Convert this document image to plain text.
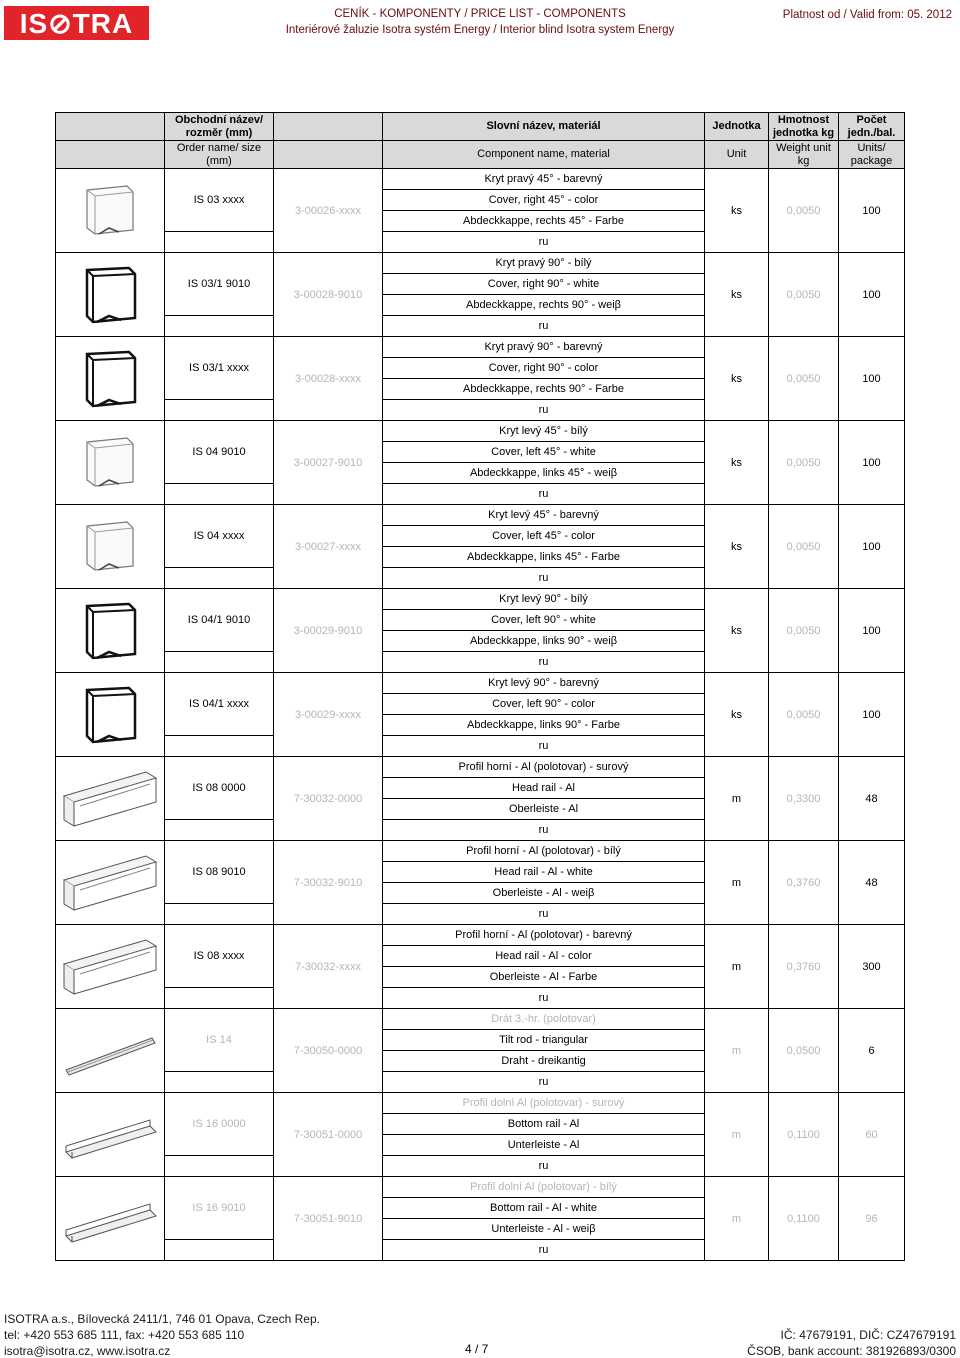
IS⊘TRA	CENÍK - KOMPONENTY / PRICE LIST - COMPONENTS
Interiérové žaluzie Isotra systém Energy / Interior blind Isotra system Energy
Platnost od / Valid from: 05. 2012
	Obchodní název/ rozměr (mm)		Slovní název, materiál	Jednotka	Hmotnost jednotka kg	Počet jedn./bal.
	Order name/ size (mm)		Component name, material	Unit	Weight unit kg	Units/ package

	IS 03 xxxx	3-00026-xxxx	Kryt pravý 45° - barevný	ks	0,0050	100
			Cover, right 45° - color			
			Abdeckkappe, rechts 45° - Farbe			
			ru			

	IS 03/1 9010	3-00028-9010	Kryt pravý 90° - bílý	ks	0,0050	100
			Cover, right 90° - white			
			Abdeckkappe, rechts 90° - weiβ			
			ru			

	IS 03/1 xxxx	3-00028-xxxx	Kryt pravý 90° - barevný	ks	0,0050	100
			Cover, right 90° - color			
			Abdeckkappe, rechts 90° - Farbe			
			ru			

	IS 04 9010	3-00027-9010	Kryt levý 45° - bílý	ks	0,0050	100
			Cover, left 45° - white			
			Abdeckkappe, links 45° - weiβ			
			ru			

	IS 04 xxxx	3-00027-xxxx	Kryt levý 45° - barevný	ks	0,0050	100
			Cover, left 45° - color			
			Abdeckkappe, links 45° - Farbe			
			ru			

	IS 04/1 9010	3-00029-9010	Kryt levý 90° - bílý	ks	0,0050	100
			Cover, left 90° - white			
			Abdeckkappe, links 90° - weiβ			
			ru			

	IS 04/1 xxxx	3-00029-xxxx	Kryt levý 90° - barevný	ks	0,0050	100
			Cover, left 90° - color			
			Abdeckkappe, links 90° - Farbe			
			ru			

	IS 08 0000	7-30032-0000	Profil horní - Al (polotovar) - surový	m	0,3300	48
			Head rail - Al			
			Oberleiste - Al			
			ru			

	IS 08 9010	7-30032-9010	Profil horní - Al (polotovar) - bílý	m	0,3760	48
			Head rail - Al - white			
			Oberleiste - Al - weiβ			
			ru			

	IS 08 xxxx	7-30032-xxxx	Profil horní - Al (polotovar) - barevný	m	0,3760	300
			Head rail - Al - color			
			Oberleiste - Al - Farbe			
			ru			

	IS 14	7-30050-0000	Drát 3.-hr. (polotovar)	m	0,0500	6
			Tilt rod - triangular			
			Draht - dreikantig			
			ru			

	IS 16 0000	7-30051-0000	Profil dolní Al (polotovar) - surový	m	0,1100	60
			Bottom rail - Al			
			Unterleiste - Al			
			ru			

	IS 16 9010	7-30051-9010	Profil dolní Al (polotovar) - bílý	m	0,1100	96
			Bottom rail - Al - white			
			Unterleiste - Al - weiβ			
			ru			
ISOTRA a.s., Bílovecká 2411/1, 746 01 Opava, Czech Rep.
tel: +420 553 685 111, fax: +420 553 685 110
isotra@isotra.cz, www.isotra.cz	4 / 7
IČ: 47679191, DIČ: CZ47679191
ČSOB, bank account: 381926893/0300
